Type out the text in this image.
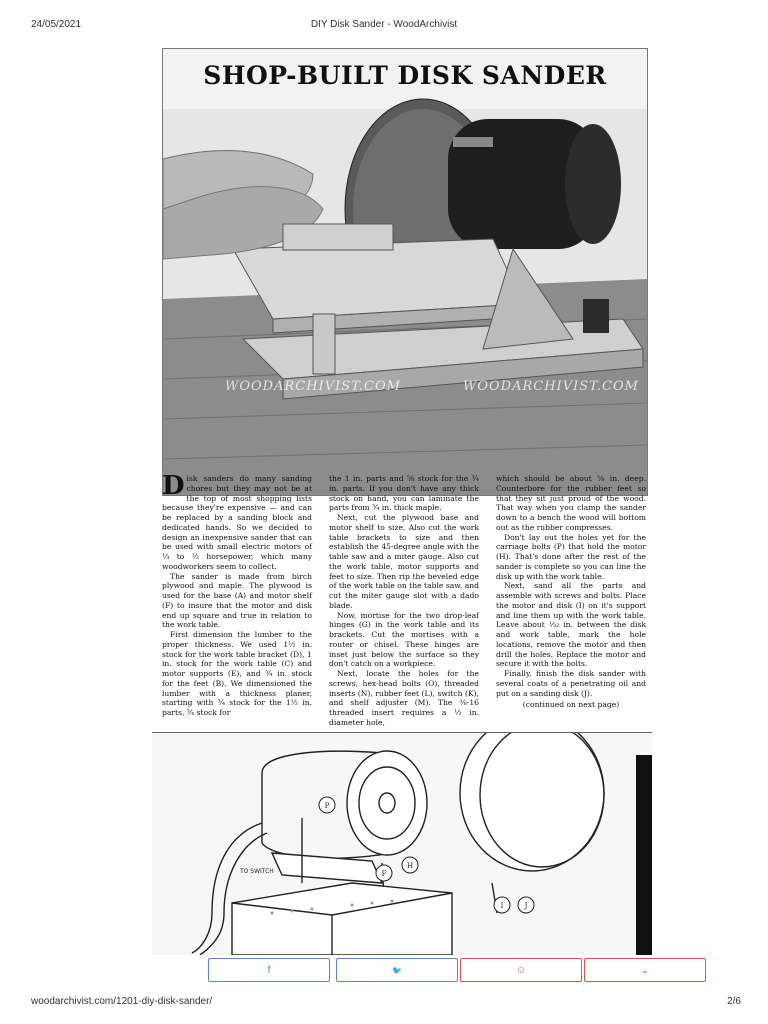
24/05/2021	DIY Disk Sander - WoodArchivist
SHOP-BUILT DISK SANDER
WOODARCHIVIST.COM	WOODARCHIVIST.COM

Disk sanders do many sanding chores but they may not be at the top of most shopping lists because they're expensive — and can be replaced by a sanding block and dedicated hands. So we decided to design an inexpensive sander that can be used with small electric motors of ⅓ to ½ horsepower, which many woodworkers seem to collect.

The sander is made from birch plywood and maple. The plywood is used for the base (A) and motor shelf (F) to insure that the motor and disk end up square and true in relation to the work table.

First dimension the lumber to the proper thickness. We used 1½ in. stock for the work table bracket (D), 1 in. stock for the work table (C) and motor supports (E), and ¾ in. stock for the feet (B). We dimensioned the lumber with a thickness planer, starting with ¾ stock for the 1½ in. parts, ¾ stock for

the 1 in. parts and ⅝ stock for the ¾ in. parts. If you don't have any thick stock on hand, you can laminate the parts from ¾ in. thick maple.

Next, cut the plywood base and motor shelf to size. Also cut the work table brackets to size and then establish the 45-degree angle with the table saw and a miter gauge. Also cut the work table, motor supports and feet to size. Then rip the beveled edge of the work table on the table saw, and cut the miter gauge slot with a dado blade.

Now, mortise for the two drop-leaf hinges (G) in the work table and its brackets. Cut the mortises with a router or chisel. These hinges are inset just below the surface so they don't catch on a workpiece.

Next, locate the holes for the screws, hex-head bolts (O), threaded inserts (N), rubber feet (L), switch (K), and shelf adjuster (M). The ⅜-16 threaded insert requires a ½ in. diameter hole,

which should be about ⅝ in. deep. Counterbore for the rubber feet so that they sit just proud of the wood. That way when you clamp the sander down to a bench the wood will bottom out as the rubber compresses.

Don't lay out the holes yet for the carriage bolts (P) that hold the motor (H). That's done after the rest of the sander is complete so you can line the disk up with the work table.

Next, sand all the parts and assemble with screws and bolts. Place the motor and disk (I) on it's support and line them up with the work table. Leave about ⅓₂ in. between the disk and work table, mark the hole locations, remove the motor and then drill the holes. Replace the motor and secure it with the bolts.

Finally, finish the disk sander with several coats of a penetrating oil and put on a sanding disk (J).

(continued on next page)

TO SWITCH
P
F
H
I	J
f	🐦	☺	⌄
woodarchivist.com/1201-diy-disk-sander/	2/6
